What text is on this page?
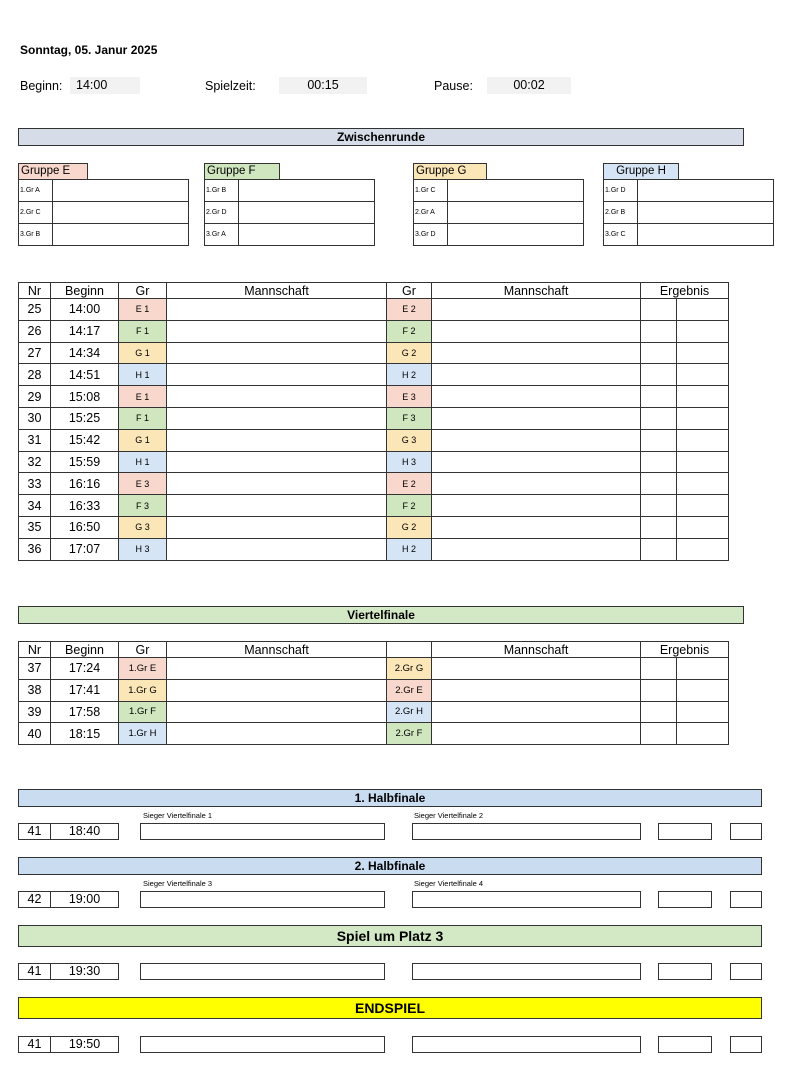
Sonntag, 05. Janur 2025
Beginn:	14:00	Spielzeit:	00:15	Pause:	00:02
Zwischenrunde
Gruppe E
1.Gr A	
2.Gr C	
3.Gr B	
Gruppe F
1.Gr B	
2.Gr D	
3.Gr A	
Gruppe G
1.Gr C	
2.Gr A	
3.Gr D	
Gruppe H
1.Gr D	
2.Gr B	
3.Gr C	
Nr	Beginn	Gr	Mannschaft	Gr	Mannschaft	Ergebnis	
25	14:00	E 1		E 2			
26	14:17	F 1		F 2			
27	14:34	G 1		G 2			
28	14:51	H 1		H 2			
29	15:08	E 1		E 3			
30	15:25	F 1		F 3			
31	15:42	G 1		G 3			
32	15:59	H 1		H 3			
33	16:16	E 3		E 2			
34	16:33	F 3		F 2			
35	16:50	G 3		G 2			
36	17:07	H 3		H 2			
Viertelfinale
Nr	Beginn	Gr	Mannschaft		Mannschaft	Ergebnis	
37	17:24	1.Gr E		2.Gr G			
38	17:41	1.Gr G		2.Gr E			
39	17:58	1.Gr F		2.Gr H			
40	18:15	1.Gr H		2.Gr F			
1. Halbfinale
Sieger Viertelfinale 1	Sieger Viertelfinale 2
41	18:40
2. Halbfinale
Sieger Viertelfinale 3	Sieger Viertelfinale 4
42	19:00
Spiel um Platz 3
41	19:30
ENDSPIEL
41	19:50
